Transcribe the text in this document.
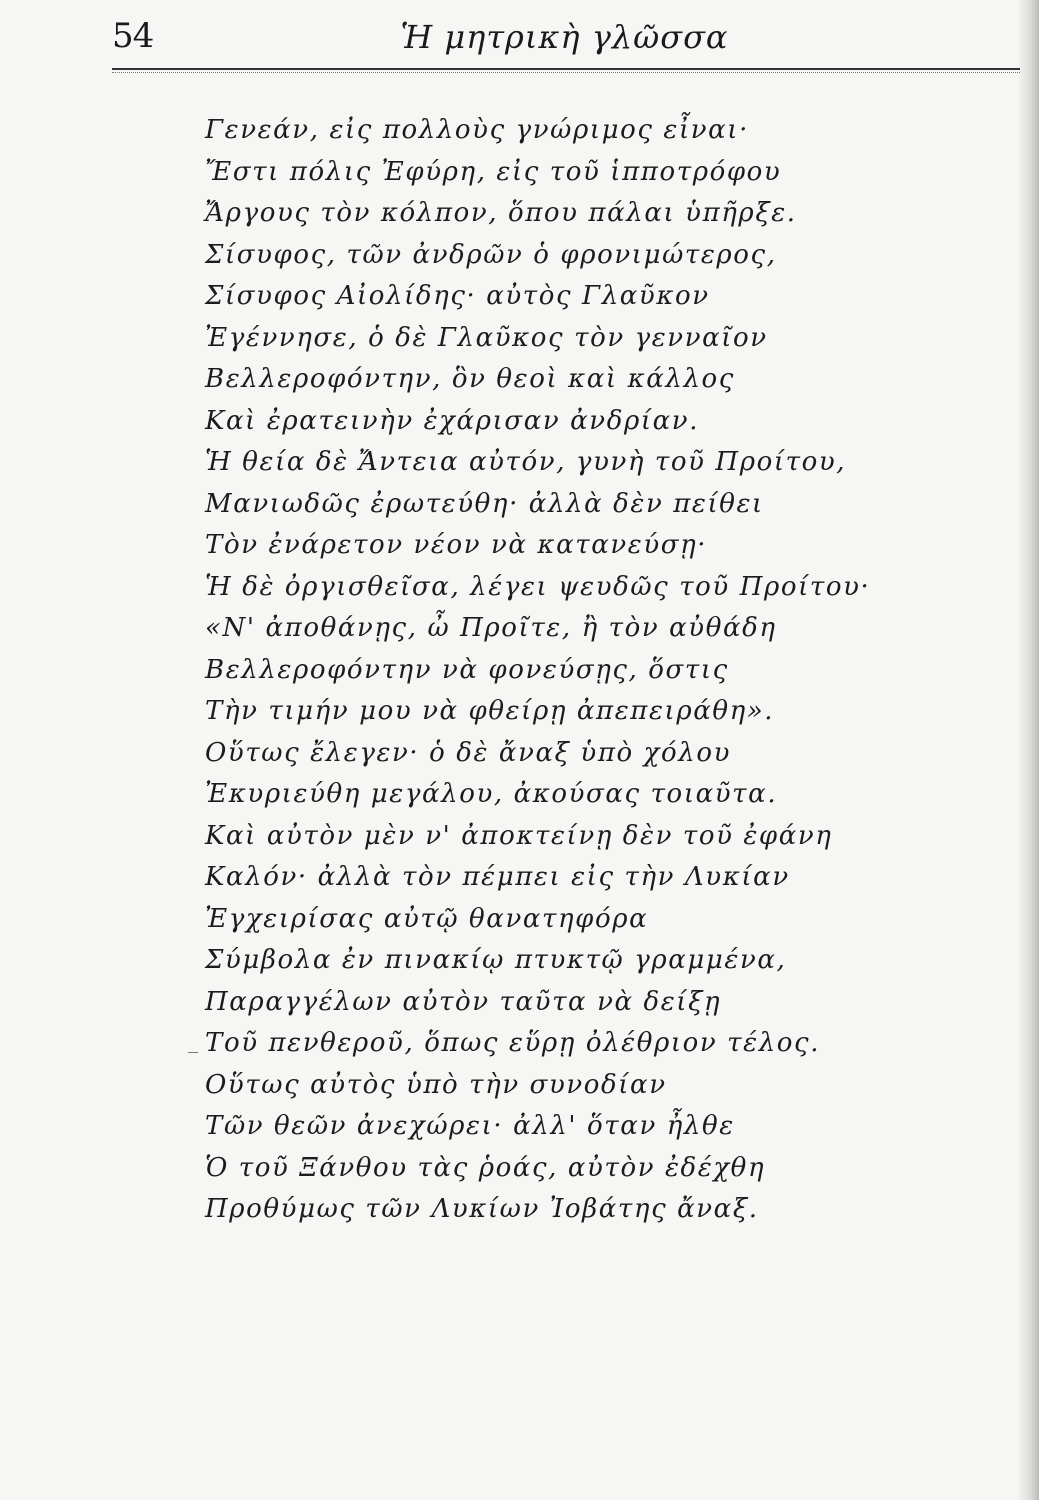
54	Ἡ μητρικὴ γλῶσσα
Γενεάν, εἰς πολλοὺς γνώριμος εἶναι·
Ἔστι πόλις Ἐφύρη, εἰς τοῦ ἱπποτρόφου
Ἄργους τὸν κόλπον, ὅπου πάλαι ὑπῆρξε.
Σίσυφος, τῶν ἀνδρῶν ὁ φρονιμώτερος,
Σίσυφος Αἰολίδης· αὐτὸς Γλαῦκον
Ἐγέννησε, ὁ δὲ Γλαῦκος τὸν γενναῖον
Βελλεροφόντην, ὃν θεοὶ καὶ κάλλος
Καὶ ἐρατεινὴν ἐχάρισαν ἀνδρίαν.
Ἡ θεία δὲ Ἄντεια αὐτόν, γυνὴ τοῦ Προίτου,
Μανιωδῶς ἐρωτεύθη· ἀλλὰ δὲν πείθει
Τὸν ἐνάρετον νέον νὰ κατανεύσῃ·
Ἡ δὲ ὀργισθεῖσα, λέγει ψευδῶς τοῦ Προίτου·
«Ν' ἀποθάνῃς, ὦ Προῖτε, ἢ τὸν αὐθάδη
Βελλεροφόντην νὰ φονεύσῃς, ὅστις
Τὴν τιμήν μου νὰ φθείρῃ ἀπεπειράθη».
Οὕτως ἔλεγεν· ὁ δὲ ἄναξ ὑπὸ χόλου
Ἐκυριεύθη μεγάλου, ἀκούσας τοιαῦτα.
Καὶ αὐτὸν μὲν ν' ἀποκτείνῃ δὲν τοῦ ἐφάνη
Καλόν· ἀλλὰ τὸν πέμπει εἰς τὴν Λυκίαν
Ἐγχειρίσας αὐτῷ θανατηφόρα
Σύμβολα ἐν πινακίῳ πτυκτῷ γραμμένα,
Παραγγέλων αὐτὸν ταῦτα νὰ δείξῃ
Τοῦ πενθεροῦ, ὅπως εὕρῃ ὀλέθριον τέλος.
Οὕτως αὐτὸς ὑπὸ τὴν συνοδίαν
Τῶν θεῶν ἀνεχώρει· ἀλλ' ὅταν ἦλθε
Ὁ τοῦ Ξάνθου τὰς ῥοάς, αὐτὸν ἐδέχθη
Προθύμως τῶν Λυκίων Ἰοβάτης ἄναξ.
